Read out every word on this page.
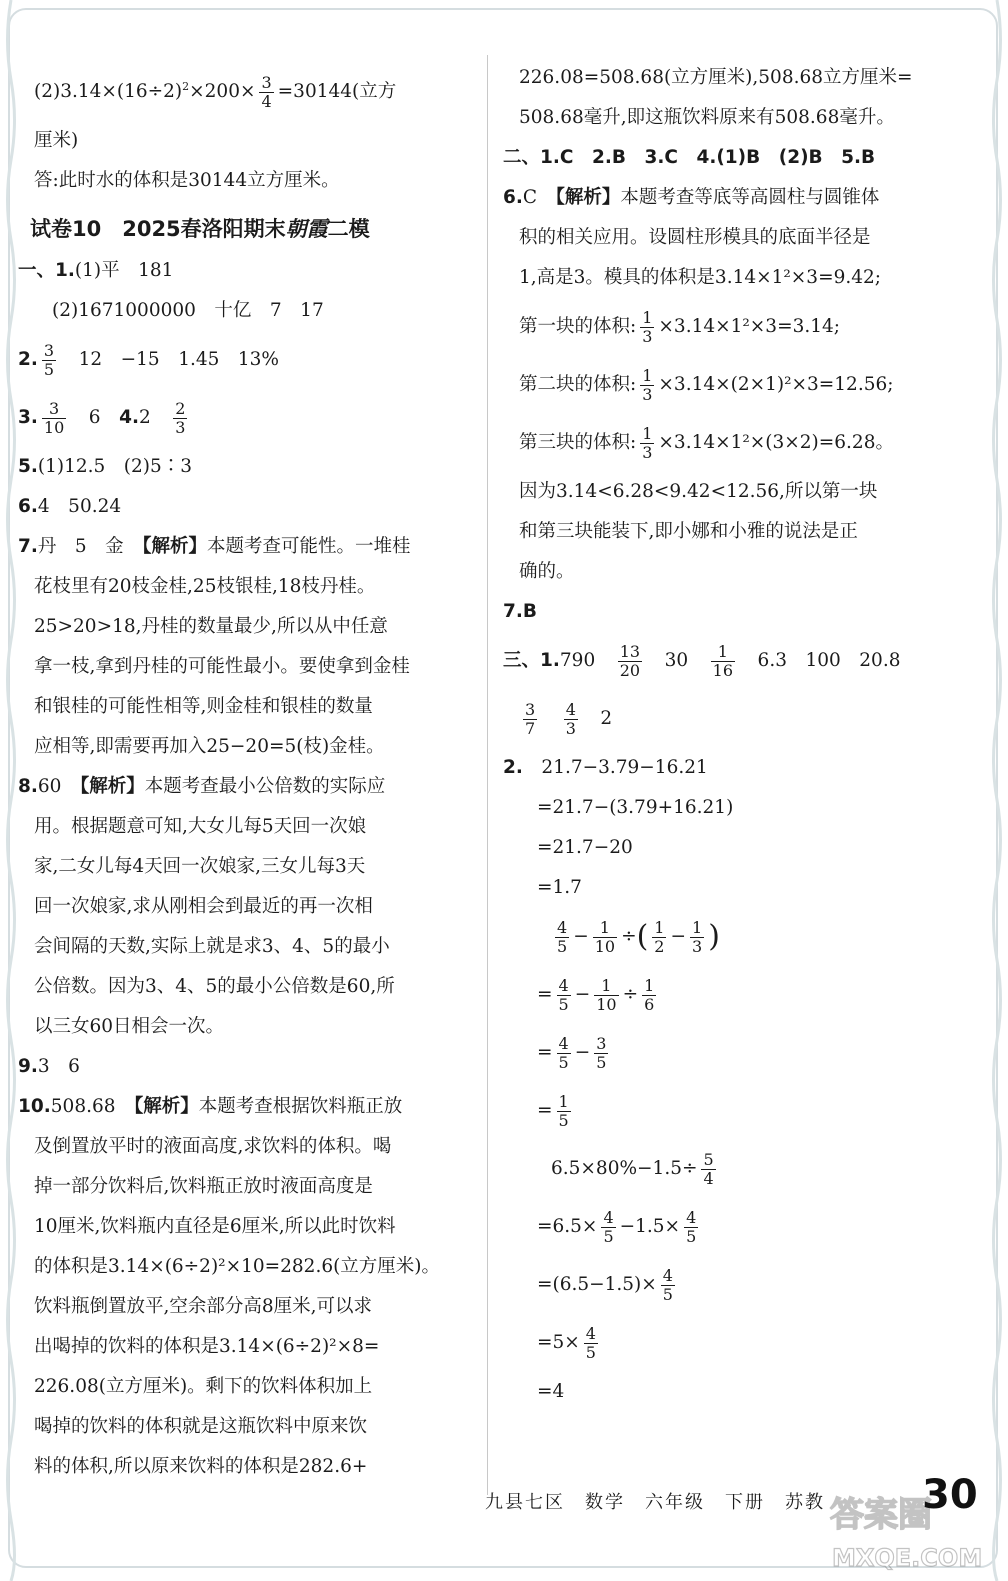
$(2)3.14\times(16\div 2)^2\times 200\times \frac{3}{4} =30144$(立方
厘米)
答:此时水的体积是30144立方厘米。
试卷10　2025春洛阳期末朝霞二模
一、1.(1)平　181
(2)1671000000　十亿　7　17
2. $\frac{3}{5}$
　 12　−15　1.45　13%
3. $\frac{3}{10}$
　 6　 4.2　 $\frac{2}{3}$
5.(1)12.5　(2)5∶3
6.4　50.24
7.丹　5　金　 【解析】本题考查可能性。一堆桂
花枝里有20枝金桂,25枝银桂,18枝丹桂。
25>20>18,丹桂的数量最少,所以从中任意
拿一枝,拿到丹桂的可能性最小。要使拿到金桂
和银桂的可能性相等,则金桂和银桂的数量
应相等,即需要再加入25−20=5(枝)金桂。
8.60　 【解析】本题考查最小公倍数的实际应
用。根据题意可知,大女儿每5天回一次娘
家,二女儿每4天回一次娘家,三女儿每3天
回一次娘家,求从刚相会到最近的再一次相
会间隔的天数,实际上就是求3、4、5的最小
公倍数。因为3、4、5的最小公倍数是60,所
以三女60日相会一次。
9.3　6
10.508.68　 【解析】本题考查根据饮料瓶正放
及倒置放平时的液面高度,求饮料的体积。喝
掉一部分饮料后,饮料瓶正放时液面高度是
10厘米,饮料瓶内直径是6厘米,所以此时饮料
的体积是3.14×(6÷2)²×10=282.6(立方厘米)。
饮料瓶倒置放平,空余部分高8厘米,可以求
出喝掉的饮料的体积是3.14×(6÷2)²×8=
226.08(立方厘米)。剩下的饮料体积加上
喝掉的饮料的体积就是这瓶饮料中原来饮
料的体积,所以原来饮料的体积是282.6+
226.08=508.68(立方厘米),508.68立方厘米=
508.68毫升,即这瓶饮料原来有508.68毫升。
二、1.C　2.B　3.C　4.(1)B　(2)B　5.B
6.C　 【解析】本题考查等底等高圆柱与圆锥体
积的相关应用。设圆柱形模具的底面半径是
1,高是3。模具的体积是3.14×1²×3=9.42;
第一块的体积: $\frac{1}{3} \times 3.14\times 1^2\times 3=3.14$;
第二块的体积: $\frac{1}{3} \times 3.14\times(2\times 1)^2\times 3=12.56$;
第三块的体积: $\frac{1}{3} \times 3.14\times 1^2\times(3\times 2)=6.28$。
因为3.14<6.28<9.42<12.56,所以第一块
和第三块能装下,即小娜和小雅的说法是正
确的。
7.B
三、1.790　 $\frac{13}{20}$
　 30　 $\frac{1}{16}$
　 6.3　100　20.8
$\frac{3}{7}$
　 $\frac{4}{3}$
　 2
2.　 21.7−3.79−16.21
=21.7−(3.79+16.21)
=21.7−20
=1.7
$\frac{4}{5} - \frac{1}{10}$ ÷( $\frac{1}{2} - \frac{1}{3}$ )
= $\frac{4}{5} - \frac{1}{10} \div \frac{1}{6}$
= $\frac{4}{5} - \frac{3}{5}$
= $\frac{1}{5}$
$6.5\times 80\%-1.5\div \frac{5}{4}$
$=6.5\times \frac{4}{5} -1.5\times \frac{4}{5}$
$=(6.5-1.5)\times \frac{4}{5}$
$=5\times \frac{4}{5}$
=4
九县七区 数学 六年级 下册 苏教 答案圈
MXQE.COM
30
